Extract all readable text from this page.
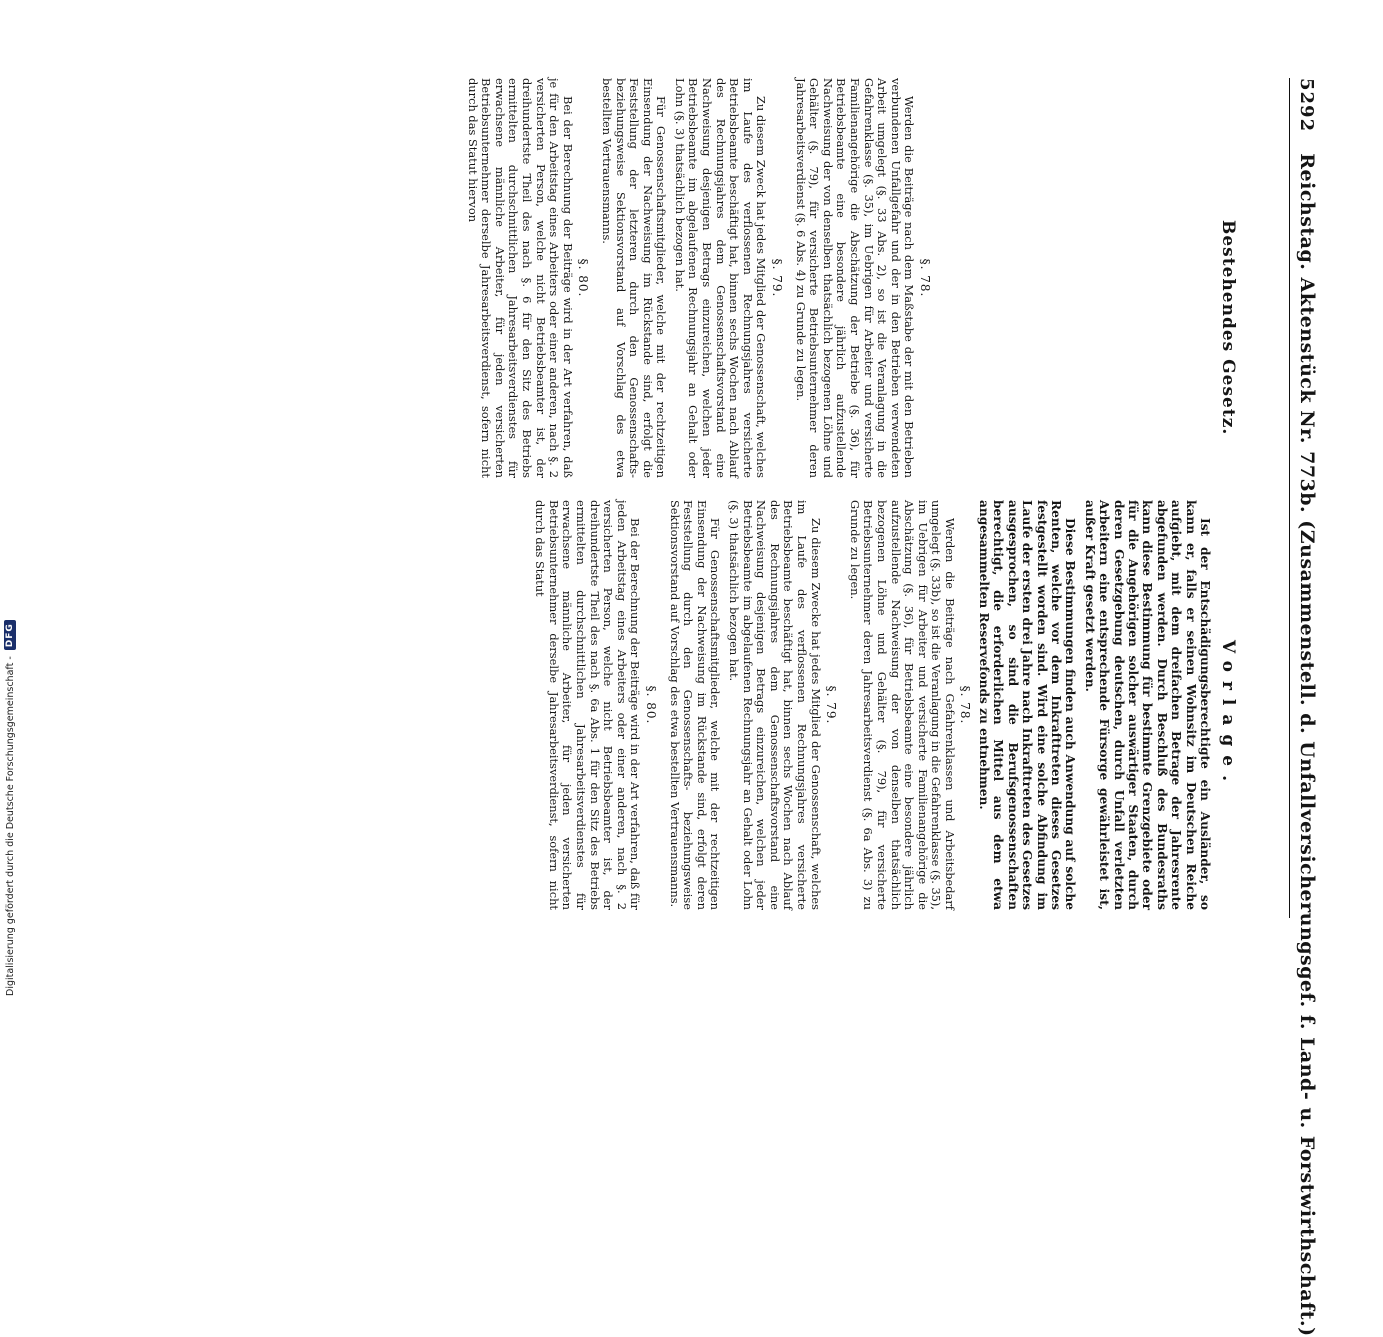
5292 Reichstag. Aktenstück Nr. 773b. (Zusammenstell. d. Unfallversicherungsgef. f. Land- u. Forstwirthschaft.)
Bestehendes Gesetz.
Vorlage.
§. 78.

Werden die Beiträge nach dem Maßstabe der mit den Betrieben verbundenen Unfallgefahr und der in den Betrieben verwendeten Arbeit umgelegt (§. 33 Abs. 2), so ist die Veranlagung in die Gefahrenklasse (§. 35), im Uebrigen für Arbeiter und versicherte Familienangehörige die Abschätzung der Betriebe (§. 36), für Betriebsbeamte eine besondere jährlich aufzustellende Nachweisung der von denselben thatsächlich bezogenen Löhne und Gehälter (§. 79), für versicherte Betriebsunternehmer deren Jahresarbeitsverdienst (§. 6 Abs. 4) zu Grunde zu legen.

§. 79.

Zu diesem Zweck hat jedes Mitglied der Genossenschaft, welches im Laufe des verflossenen Rechnungsjahres versicherte Betriebsbeamte beschäftigt hat, binnen sechs Wochen nach Ablauf des Rechnungsjahres dem Genossenschaftsvorstand eine Nachweisung desjenigen Betrags einzureichen, welchen jeder Betriebsbeamte im abgelaufenen Rechnungsjahr an Gehalt oder Lohn (§. 3) thatsächlich bezogen hat.

Für Genossenschaftsmitglieder, welche mit der rechtzeitigen Einsendung der Nachweisung im Rückstande sind, erfolgt die Feststellung der letzteren durch den Genossenschafts- beziehungsweise Sektionsvorstand auf Vorschlag des etwa bestellten Vertrauensmanns.

§. 80.

Bei der Berechnung der Beiträge wird in der Art verfahren, daß je für den Arbeitstag eines Arbeiters oder einer anderen, nach §. 2 versicherten Person, welche nicht Betriebsbeamter ist, der dreihundertste Theil des nach §. 6 für den Sitz des Betriebs ermittelten durchschnittlichen Jahresarbeitsverdienstes für erwachsene männliche Arbeiter, für jeden versicherten Betriebsunternehmer derselbe Jahresarbeitsverdienst, sofern nicht durch das Statut hiervon

Ist der Entschädigungsberechtigte ein Ausländer, so kann er, falls er seinen Wohnsitz im Deutschen Reiche aufgiebt, mit dem dreifachen Betrage der Jahresrente abgefunden werden. Durch Beschluß des Bundesraths kann diese Bestimmung für bestimmte Grenzgebiete oder für die Angehörigen solcher auswärtiger Staaten, durch deren Gesetzgebung deutschen, durch Unfall verletzten Arbeitern eine entsprechende Fürsorge gewährleistet ist, außer Kraft gesetzt werden.

Diese Bestimmungen finden auch Anwendung auf solche Renten, welche vor dem Inkrafttreten dieses Gesetzes festgestellt worden sind. Wird eine solche Abfindung im Laufe der ersten drei Jahre nach Inkrafttreten des Gesetzes ausgesprochen, so sind die Berufsgenossenschaften berechtigt, die erforderlichen Mittel aus dem etwa angesammelten Reservefonds zu entnehmen.

§. 78.

Werden die Beiträge nach Gefahrenklassen und Arbeitsbedarf umgelegt (§. 33b), so ist die Veranlagung in die Gefahrenklasse (§. 35), im Uebrigen für Arbeiter und versicherte Familienangehörige die Abschätzung (§. 36), für Betriebsbeamte eine besondere jährlich aufzustellende Nachweisung der von denselben thatsächlich bezogenen Löhne und Gehälter (§. 79), für versicherte Betriebsunternehmer deren Jahresarbeitsverdienst (§. 6a Abs. 3) zu Grunde zu legen.

§. 79.

Zu diesem Zwecke hat jedes Mitglied der Genossenschaft, welches im Laufe des verflossenen Rechnungsjahres versicherte Betriebsbeamte beschäftigt hat, binnen sechs Wochen nach Ablauf des Rechnungsjahres dem Genossenschaftsvorstand eine Nachweisung desjenigen Betrags einzureichen, welchen jeder Betriebsbeamte im abgelaufenen Rechnungsjahr an Gehalt oder Lohn (§. 3) thatsächlich bezogen hat.

Für Genossenschaftsmitglieder, welche mit der rechtzeitigen Einsendung der Nachweisung im Rückstande sind, erfolgt deren Feststellung durch den Genossenschafts- beziehungsweise Sektionsvorstand auf Vorschlag des etwa bestellten Vertrauensmanns.

§. 80.

Bei der Berechnung der Beiträge wird in der Art verfahren, daß für jeden Arbeitstag eines Arbeiters oder einer anderen, nach §. 2 versicherten Person, welche nicht Betriebsbeamter ist, der dreihundertste Theil des nach §. 6a Abs. 1 für den Sitz des Betriebs ermittelten durchschnittlichen Jahresarbeitsverdienstes für erwachsene männliche Arbeiter, für jeden versicherten Betriebsunternehmer derselbe Jahresarbeitsverdienst, sofern nicht durch das Statut

Digitalisierung gefördert durch die Deutsche Forschungsgemeinschaft -
DFG
